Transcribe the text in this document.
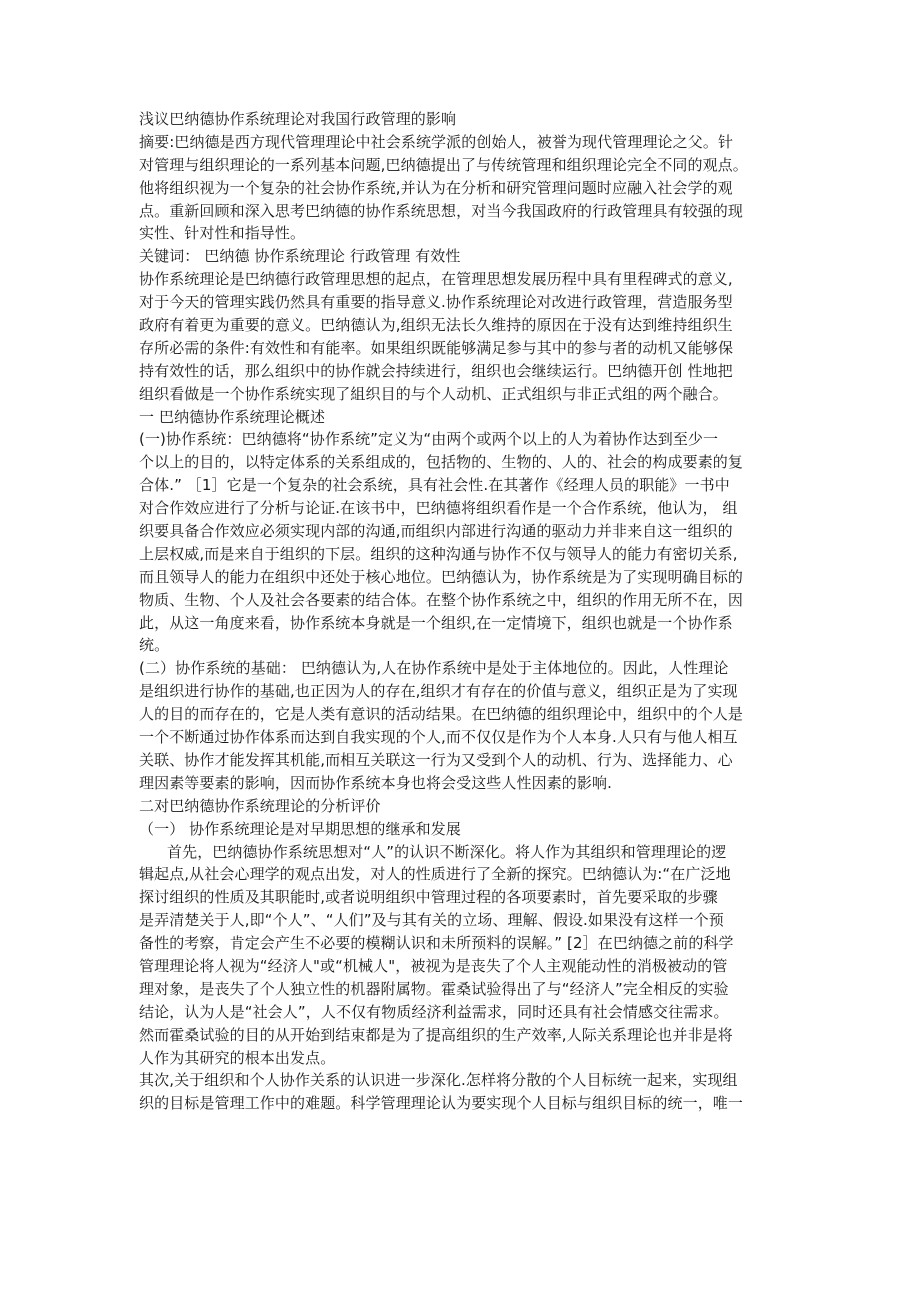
浅议巴纳德协作系统理论对我国行政管理的影响
摘要:巴纳德是西方现代管理理论中社会系统学派的创始人，被誉为现代管理理论之父。针
对管理与组织理论的一系列基本问题,巴纳德提出了与传统管理和组织理论完全不同的观点。
他将组织视为一个复杂的社会协作系统,并认为在分析和研究管理问题时应融入社会学的观
点。重新回顾和深入思考巴纳德的协作系统思想，对当今我国政府的行政管理具有较强的现
实性、针对性和指导性。
关键词： 巴纳德 协作系统理论 行政管理 有效性
协作系统理论是巴纳德行政管理思想的起点，在管理思想发展历程中具有里程碑式的意义,
对于今天的管理实践仍然具有重要的指导意义.协作系统理论对改进行政管理，营造服务型
政府有着更为重要的意义。巴纳德认为,组织无法长久维持的原因在于没有达到维持组织生
存所必需的条件:有效性和有能率。如果组织既能够满足参与其中的参与者的动机又能够保
持有效性的话，那么组织中的协作就会持续进行，组织也会继续运行。巴纳德开创 性地把
组织看做是一个协作系统实现了組织目的与个人动机、正式组织与非正式组的两个融合。
一 巴纳德协作系统理论概述
(一)协作系统：巴纳德将“协作系统”定义为“由两个或两个以上的人为着协作达到至少一
个以上的目的，以特定体系的关系组成的，包括物的、生物的、人的、社会的构成要素的复
合体.” ［1］它是一个复杂的社会系统，具有社会性.在其著作《经理人员的职能》一书中
对合作效应进行了分析与论证.在该书中，巴纳德将组织看作是一个合作系统，他认为， 组
织要具备合作效应必须实现内部的沟通,而组织内部进行沟通的驱动力并非来自这一组织的
上层权威,而是来自于组织的下层。组织的这种沟通与协作不仅与领导人的能力有密切关系,
而且领导人的能力在组织中还处于核心地位。巴纳德认为，协作系统是为了实现明确目标的
物质、生物、个人及社会各要素的结合体。在整个协作系统之中，组织的作用无所不在，因
此，从这一角度来看，协作系统本身就是一个组织,在一定情境下，组织也就是一个协作系
统。
(二）协作系统的基础： 巴纳德认为,人在协作系统中是处于主体地位的。因此，人性理论
是组织进行协作的基础,也正因为人的存在,组织才有存在的价值与意义，组织正是为了实现
人的目的而存在的，它是人类有意识的活动结果。在巴纳德的组织理论中，组织中的个人是
一个不断通过协作体系而达到自我实现的个人,而不仅仅是作为个人本身.人只有与他人相互
关联、协作才能发挥其机能,而相互关联这一行为又受到个人的动机、行为、选择能力、心
理因素等要素的影响，因而协作系统本身也将会受这些人性因素的影响.
二对巴纳德协作系统理论的分析评价
（一） 协作系统理论是对早期思想的继承和发展
首先，巴纳德协作系统思想对“人”的认识不断深化。将人作为其组织和管理理论的逻
辑起点,从社会心理学的观点出发，对人的性质进行了全新的探究。巴纳德认为:“在广泛地
探讨组织的性质及其职能时,或者说明组织中管理过程的各项要素时，首先要采取的步骤
是弄清楚关于人,即“个人”、“人们”及与其有关的立场、理解、假设.如果没有这样一个预
备性的考察，肯定会产生不必要的模糊认识和未所预料的误解。” [2］在巴纳德之前的科学
管理理论将人视为“经济人"或“机械人"，被视为是丧失了个人主观能动性的消极被动的管
理对象，是丧失了个人独立性的机器附属物。霍桑试验得出了与“经济人”完全相反的实验
结论，认为人是“社会人”，人不仅有物质经济利益需求，同时还具有社会情感交往需求。
然而霍桑试验的目的从开始到结束都是为了提高组织的生产效率,人际关系理论也并非是将
人作为其研究的根本出发点。
其次,关于组织和个人协作关系的认识进一步深化.怎样将分散的个人目标统一起来，实现组
织的目标是管理工作中的难题。科学管理理论认为要实现个人目标与组织目标的统一，唯一
